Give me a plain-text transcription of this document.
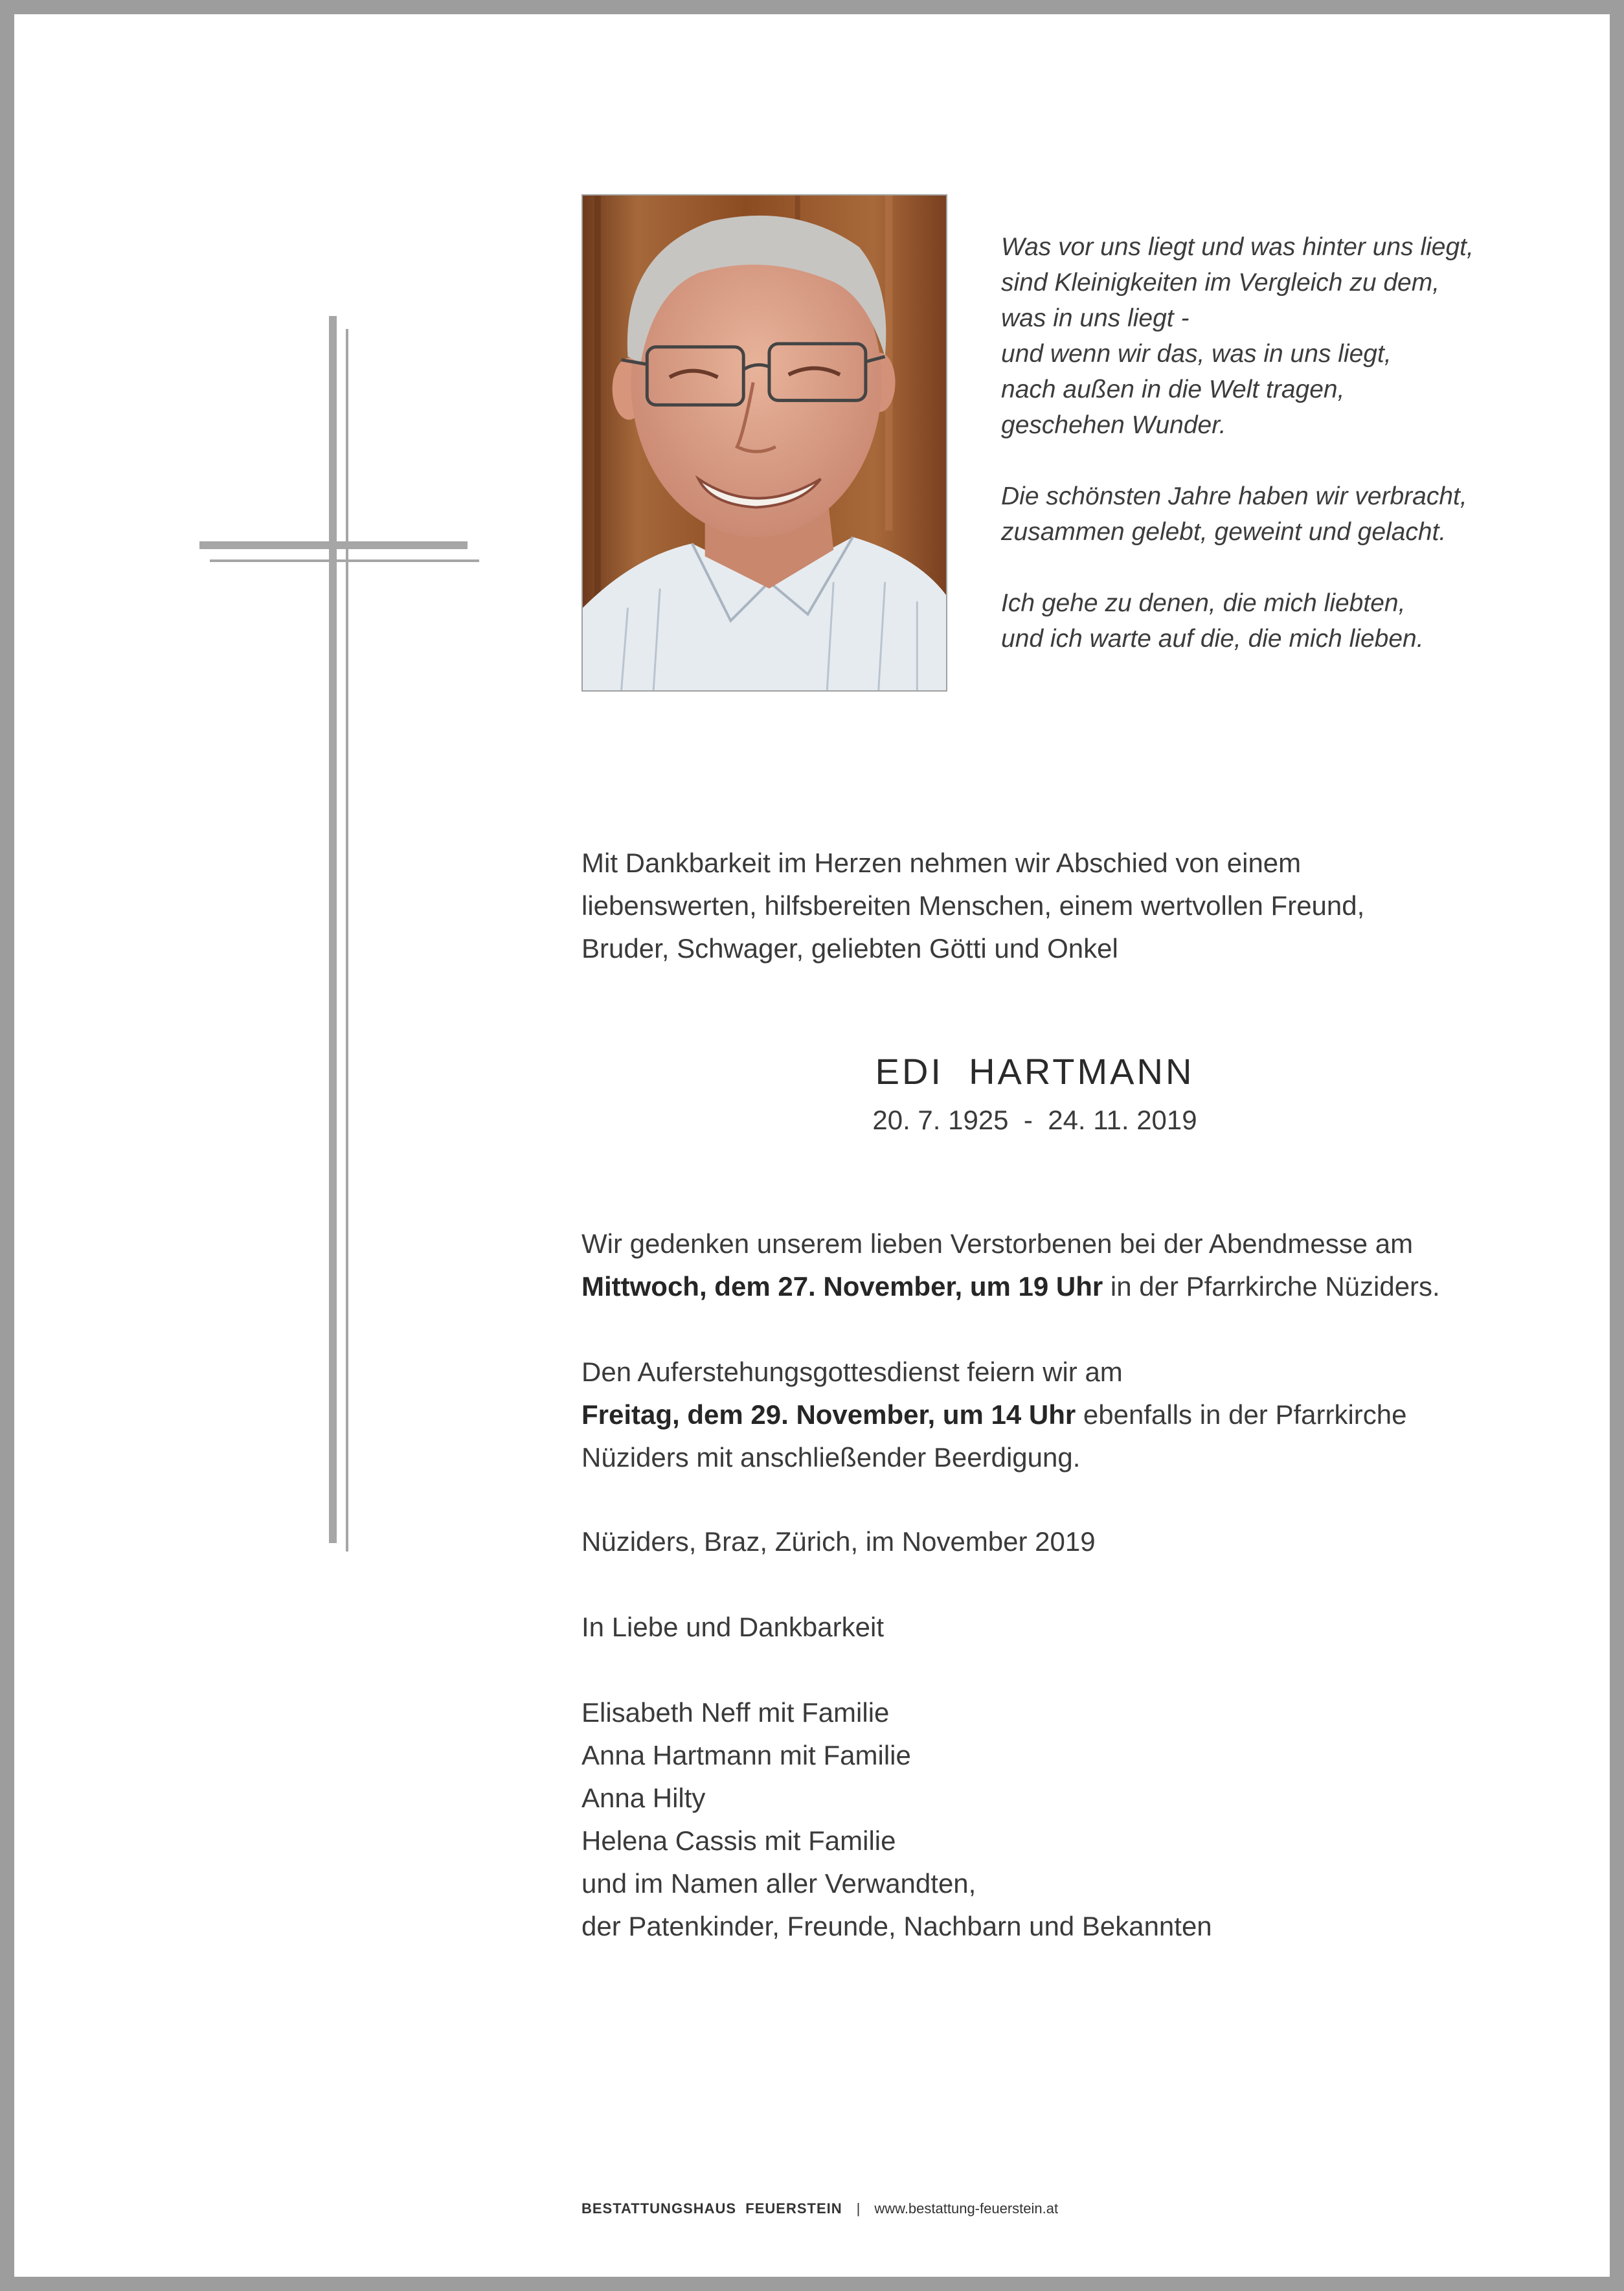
Was vor uns liegt und was hinter uns liegt,
sind Kleinigkeiten im Vergleich zu dem,
was in uns liegt -
und wenn wir das, was in uns liegt,
nach außen in die Welt tragen,
geschehen Wunder.
Die schönsten Jahre haben wir verbracht,
zusammen gelebt, geweint und gelacht.
Ich gehe zu denen, die mich liebten,
und ich warte auf die, die mich lieben.
Mit Dankbarkeit im Herzen nehmen wir Abschied von einem
liebenswerten, hilfsbereiten Menschen, einem wertvollen Freund,
Bruder, Schwager, geliebten Götti und Onkel
EDI  HARTMANN
20. 7. 1925  -  24. 11. 2019
Wir gedenken unserem lieben Verstorbenen bei der Abendmesse am
Mittwoch, dem 27. November, um 19 Uhr in der Pfarrkirche Nüziders.
Den Auferstehungsgottesdienst feiern wir am
Freitag, dem 29. November, um 14 Uhr ebenfalls in der Pfarrkirche
Nüziders mit anschließender Beerdigung.
Nüziders, Braz, Zürich, im November 2019
In Liebe und Dankbarkeit
Elisabeth Neff mit Familie
Anna Hartmann mit Familie
Anna Hilty
Helena Cassis mit Familie
und im Namen aller Verwandten,
der Patenkinder, Freunde, Nachbarn und Bekannten
BESTATTUNGSHAUS  FEUERSTEIN | www.bestattung-feuerstein.at
